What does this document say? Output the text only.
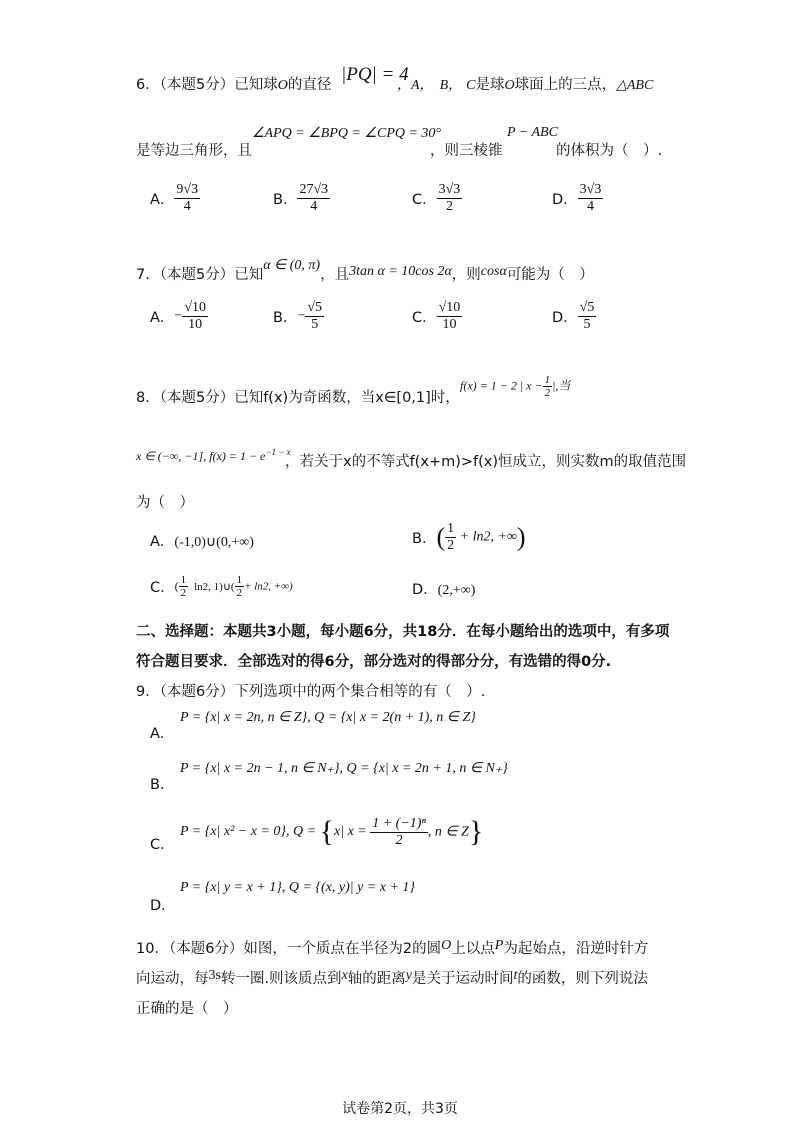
6．（本题5分）已知球O的直径 |PQ| = 4
，A， B， C是球O球面上的三点，△ABC
是等边三角形，且
∠APQ = ∠BPQ = ∠CPQ = 30°
，则三棱锥
P − ABC
的体积为（　）.
A． $\frac{9√3}{4}$	B． $\frac{27√3}{4}$	C． $\frac{3√3}{2}$	D． $\frac{3√3}{4}$
7．（本题5分）已知α ∈ (0, π)，且3tan α = 10cos 2α，则cosα可能为（　）
A．− $\frac{√10}{10}$	B．− $\frac{√5}{5}$	C． $\frac{√10}{10}$	D． $\frac{√5}{5}$
8．（本题5分）已知f(x)为奇函数，当x∈[0,1]时，
f(x) = 1 − 2 | $x - \frac{1}{2}$ |,当
x ∈ (−∞, −1], $f(x) = 1 - e^{-1 - x}$
，若关于x的不等式f(x+m)>f(x)恒成立，则实数m的取值范围
为（　）
A．(-1,0)∪(0,+∞)	B．( $\frac{1}{2} + \ln 2$, +∞)
C．( $\frac{1}{2} \ln 2$, 1)∪( $\frac{1}{2} + \ln 2$, +∞)	D．(2,+∞)
二、选择题：本题共3小题，每小题6分，共18分．在每小题给出的选项中，有多项
符合题目要求．全部选对的得6分，部分选对的得部分分，有选错的得0分.
9．（本题6分）下列选项中的两个集合相等的有（　）.
A．
P = {x| x = 2n, n ∈ Z}, Q = {x| x = 2(n + 1), n ∈ Z}
B．
P = {x| x = 2n − 1, n ∈ N₊}, Q = {x| x = 2n + 1, n ∈ N₊}
C．
P = {x| x² − x = 0}, Q = {x| $x = \frac{\text{1 + (−1)ⁿ}}{2}$ , n ∈ Z}
D．
P = {x| y = x + 1}, Q = {(x, y)| y = x + 1}
10．（本题6分）如图，一个质点在半径为2的圆O上以点P为起始点，沿逆时针方
向运动，每3s转一圈.则该质点到x轴的距离y是关于运动时间t的函数，则下列说法
正确的是（　）
试卷第2页，共3页
